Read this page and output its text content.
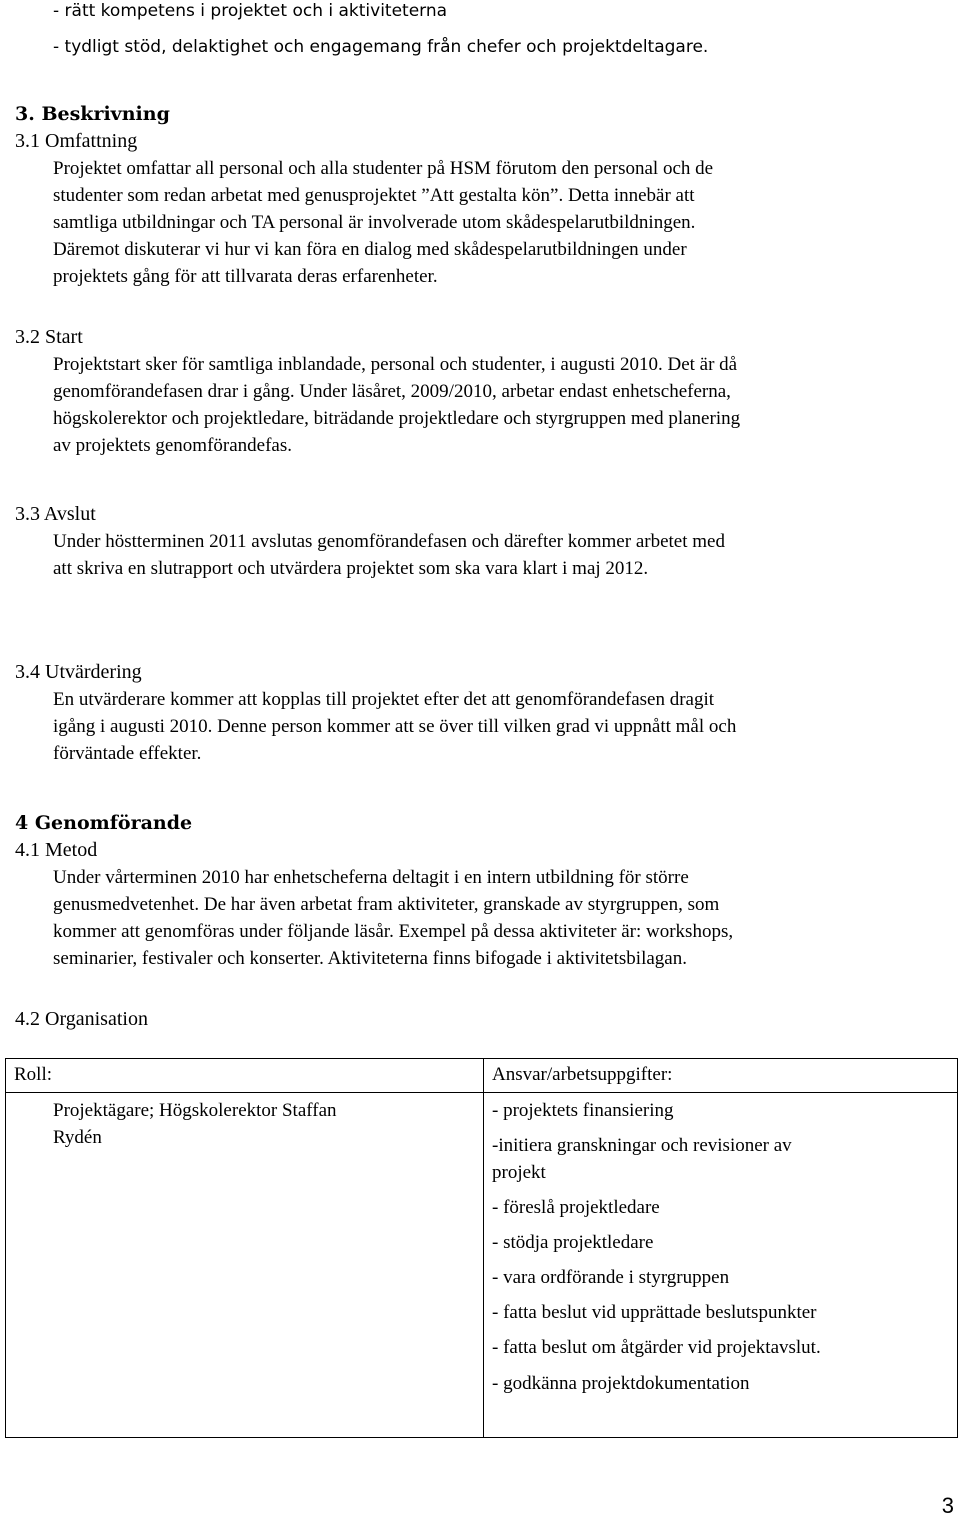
- rätt kompetens i projektet och i aktiviteterna
- tydligt stöd, delaktighet och engagemang från chefer och projektdeltagare.
3. Beskrivning
3.1 Omfattning
Projektet omfattar all personal och alla studenter på HSM förutom den personal och de
studenter som redan arbetat med genusprojektet ”Att gestalta kön”. Detta innebär att
samtliga utbildningar och TA personal är involverade utom skådespelarutbildningen.
Däremot diskuterar vi hur vi kan föra en dialog med skådespelarutbildningen under
projektets gång för att tillvarata deras erfarenheter.
3.2 Start
Projektstart sker för samtliga inblandade, personal och studenter, i augusti 2010. Det är då
genomförandefasen drar i gång. Under läsåret, 2009/2010, arbetar endast enhetscheferna,
högskolerektor och projektledare, biträdande projektledare och styrgruppen med planering
av projektets genomförandefas.
3.3 Avslut
Under höstterminen 2011 avslutas genomförandefasen och därefter kommer arbetet med
att skriva en slutrapport och utvärdera projektet som ska vara klart i maj 2012.
3.4 Utvärdering
En utvärderare kommer att kopplas till projektet efter det att genomförandefasen dragit
igång i augusti 2010. Denne person kommer att se över till vilken grad vi uppnått mål och
förväntade effekter.
4 Genomförande
4.1 Metod
Under vårterminen 2010 har enhetscheferna deltagit i en intern utbildning för större
genusmedvetenhet. De har även arbetat fram aktiviteter, granskade av styrgruppen, som
kommer att genomföras under följande läsår. Exempel på dessa aktiviteter är: workshops,
seminarier, festivaler och konserter. Aktiviteterna finns bifogade i aktivitetsbilagan.
4.2 Organisation
Roll:	Ansvar/arbetsuppgifter:
Projektägare; Högskolerektor Staffan
Rydén
- projektets finansiering
-initiera granskningar och revisioner av
projekt
- föreslå projektledare
- stödja projektledare
- vara ordförande i styrgruppen
- fatta beslut vid upprättade beslutspunkter
- fatta beslut om åtgärder vid projektavslut.
- godkänna projektdokumentation
3
